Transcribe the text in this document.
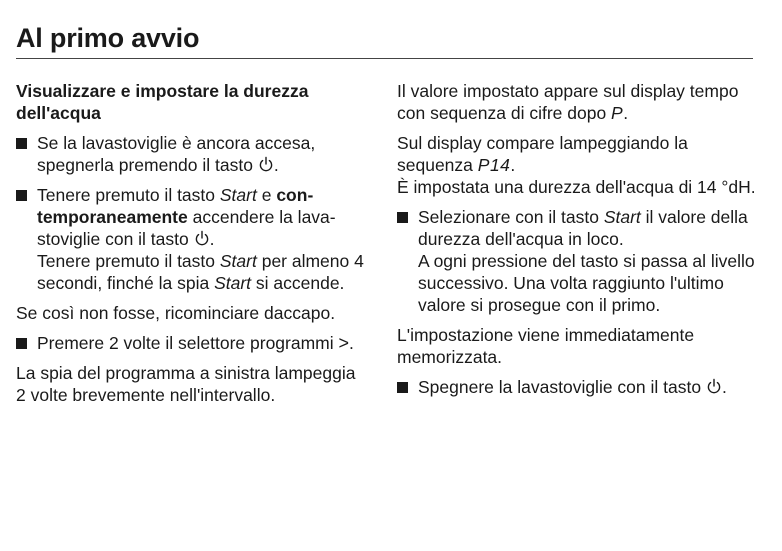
Al primo avvio
Visualizzare e impostare la durezza dell'acqua
Se la lavastoviglie è ancora accesa, spegnerla premendo il tasto .
Tenere premuto il tasto Start e contemporaneamente accendere la lavastoviglie con il tasto .
Tenere premuto il tasto Start per almeno 4 secondi, finché la spia Start si accende.

Se così non fosse, ricominciare daccapo.

Premere 2 volte il selettore programmi >.

La spia del programma a sinistra lampeggia 2 volte brevemente nell'intervallo.

Il valore impostato appare sul display tempo con sequenza di cifre dopo P.

Sul display compare lampeggiando la sequenza P14.
È impostata una durezza dell'acqua di 14 °dH.

Selezionare con il tasto Start il valore della durezza dell'acqua in loco.
A ogni pressione del tasto si passa al livello successivo. Una volta raggiunto l'ultimo valore si prosegue con il primo.

L'impostazione viene immediatamente memorizzata.

Spegnere la lavastoviglie con il tasto .
